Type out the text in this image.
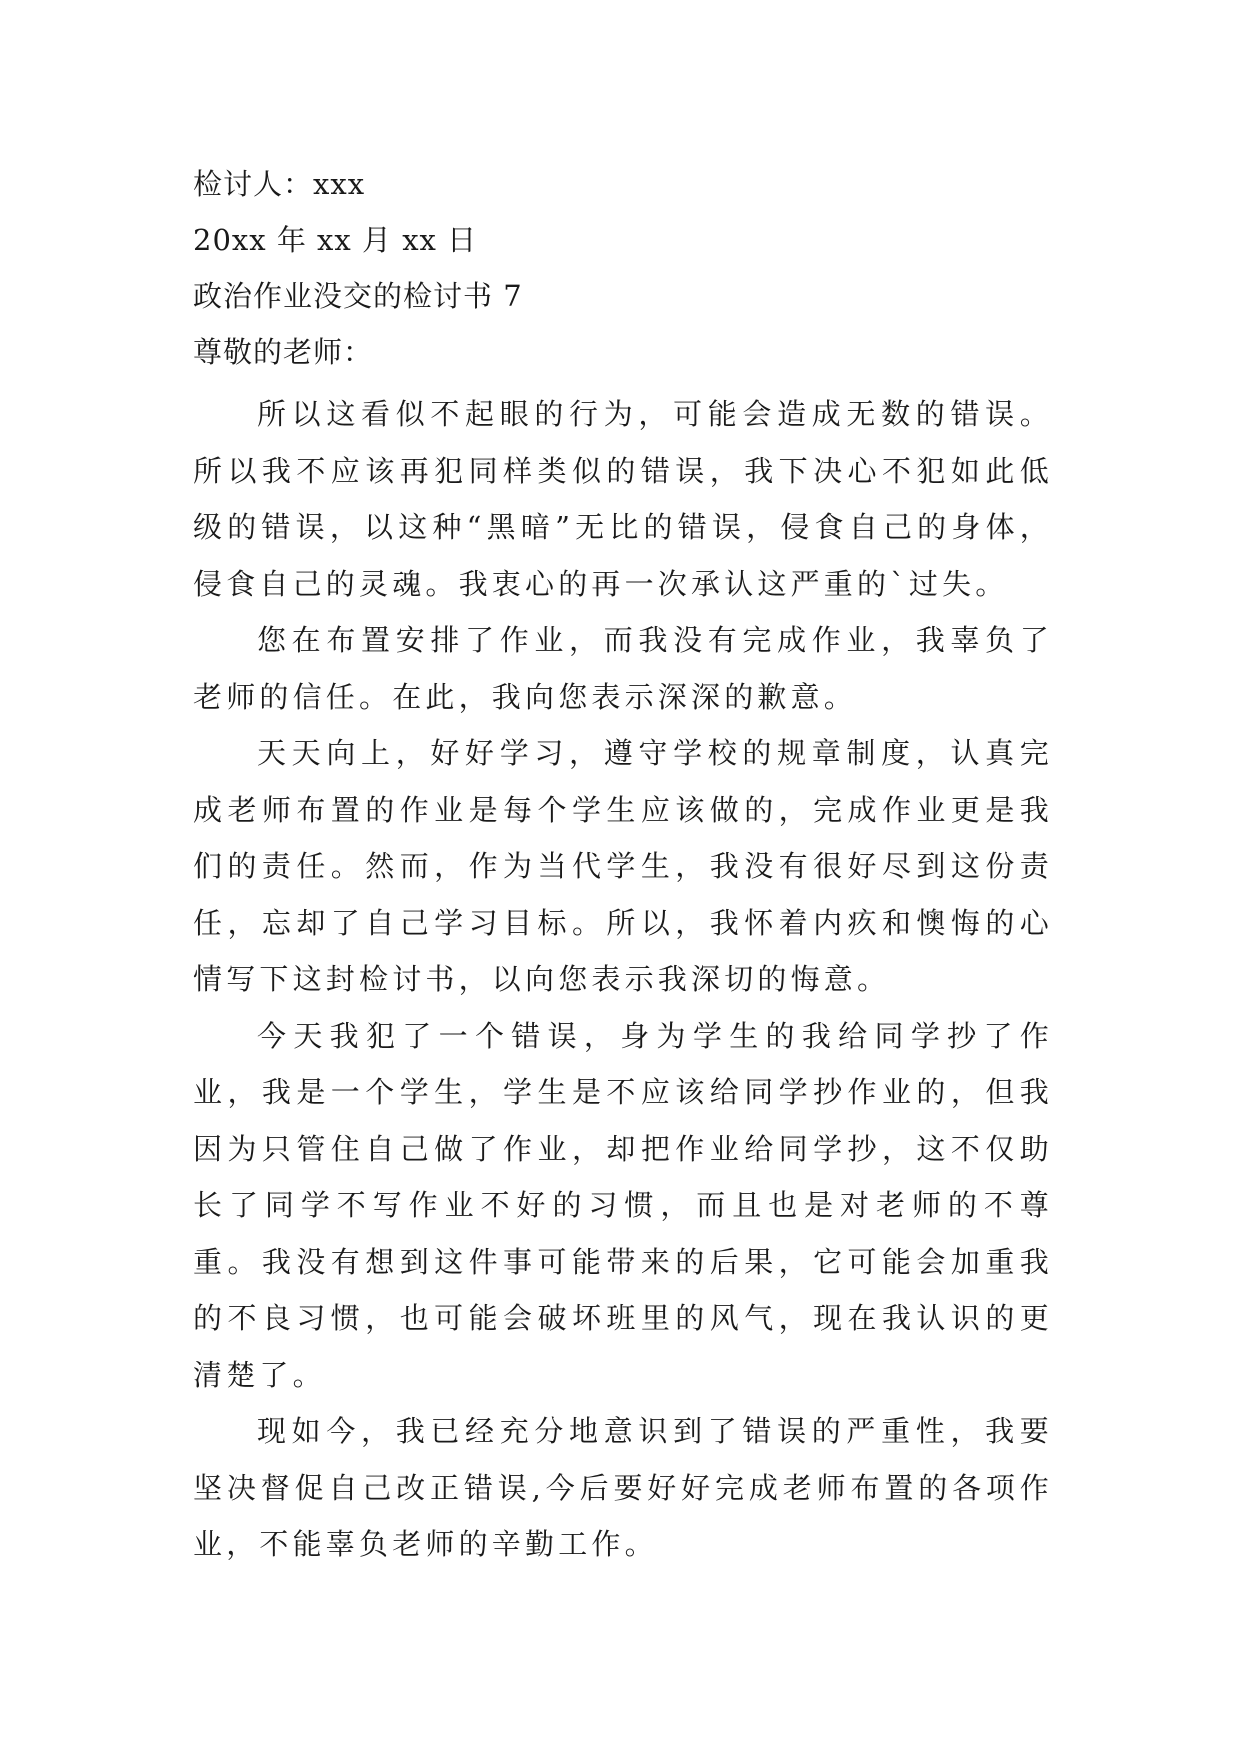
检讨人：xxx
20xx 年 xx 月 xx 日
政治作业没交的检讨书 7
尊敬的老师：

所以这看似不起眼的行为，可能会造成无数的错误。所以我不应该再犯同样类似的错误，我下决心不犯如此低级的错误，以这种“黑暗”无比的错误，侵食自己的身体，侵食自己的灵魂。我衷心的再一次承认这严重的`过失。

您在布置安排了作业，而我没有完成作业，我辜负了老师的信任。在此，我向您表示深深的歉意。

天天向上，好好学习，遵守学校的规章制度，认真完成老师布置的作业是每个学生应该做的，完成作业更是我们的责任。然而，作为当代学生，我没有很好尽到这份责任，忘却了自己学习目标。所以，我怀着内疚和懊悔的心情写下这封检讨书，以向您表示我深切的悔意。

今天我犯了一个错误，身为学生的我给同学抄了作业，我是一个学生，学生是不应该给同学抄作业的，但我因为只管住自己做了作业，却把作业给同学抄，这不仅助长了同学不写作业不好的习惯，而且也是对老师的不尊重。我没有想到这件事可能带来的后果，它可能会加重我的不良习惯，也可能会破坏班里的风气，现在我认识的更清楚了。

现如今，我已经充分地意识到了错误的严重性，我要坚决督促自己改正错误,今后要好好完成老师布置的各项作业，不能辜负老师的辛勤工作。
